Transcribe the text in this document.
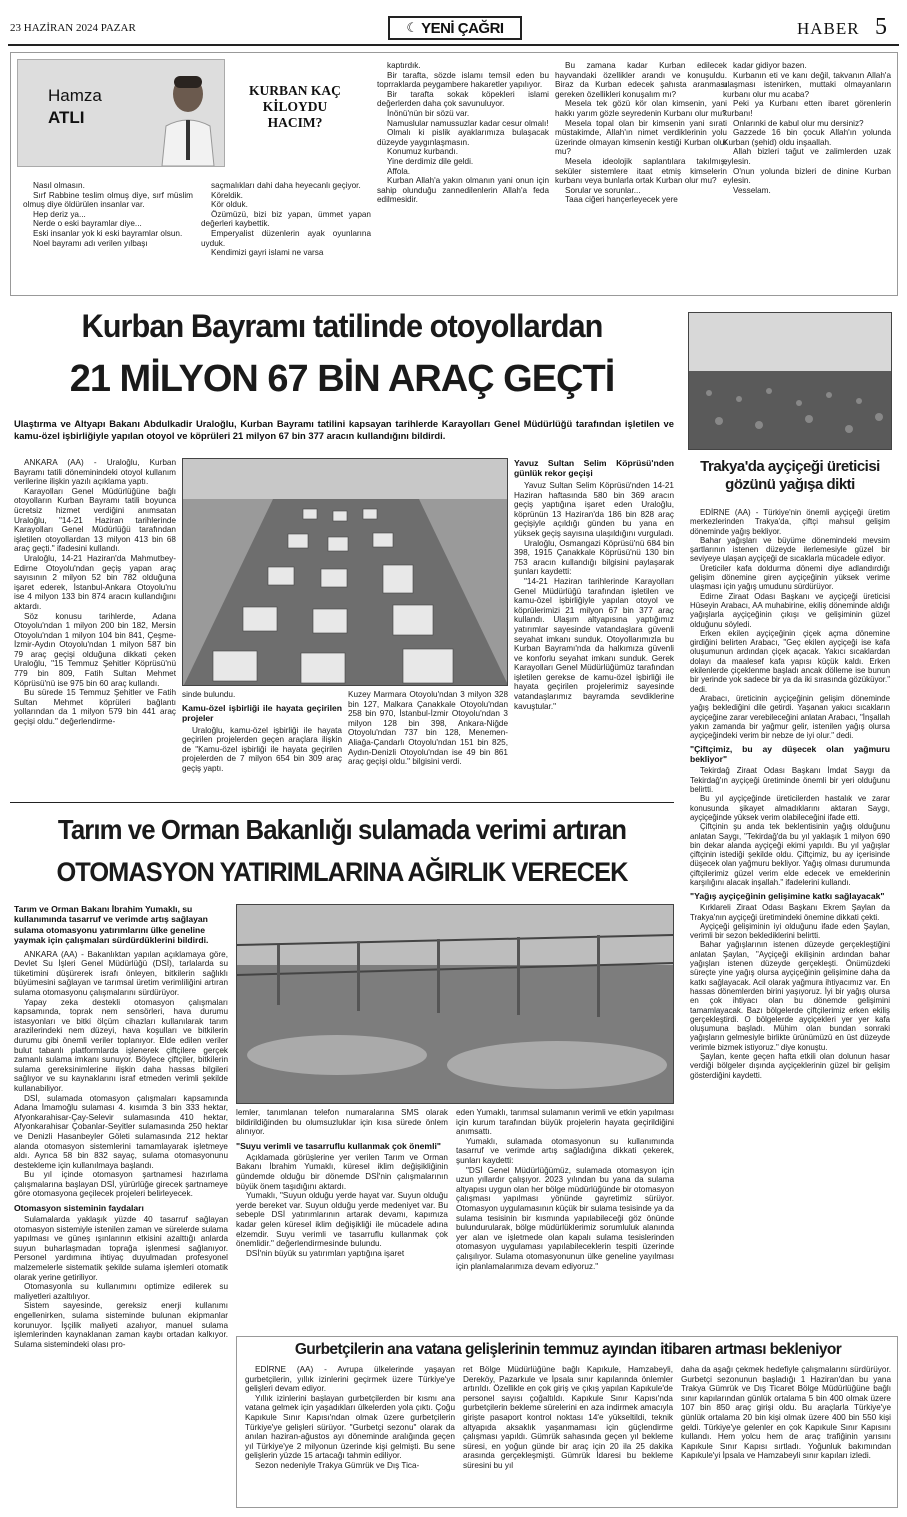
23 HAZİRAN 2024 PAZAR	☾ YENİ ÇAĞRI	HABER 5
Hamza
ATLI
KURBAN KAÇ KİLOYDU HACIM?

Nasıl olmasın.

Sırf Rabbine teslim olmuş diye, sırf müslim olmuş diye öldürülen insanlar var.

Hep deriz ya...

Nerde o eski bayramlar diye...

Eski insanlar yok ki eski bayramlar olsun.

Noel bayramı adı verilen yılbaşı

saçmalıkları dahi daha heyecanlı geçiyor.

Köreldik.

Kör olduk.

Özümüzü, bizi biz yapan, ümmet yapan değerleri kaybettik.

Emperyalist düzenlerin ayak oyunlarına uyduk.

Kendimizi gayri islami ne varsa

kaptırdık.

Bir tarafta, sözde islamı temsil eden bu toprraklarda peygambere hakaretler yapılıyor.

Bir tarafta sokak köpekleri islami değerlerden daha çok savunuluyor.

İnönü'nün bir sözü var.

Namuslular namussuzlar kadar cesur olmalı!

Olmalı ki pislik ayaklarımıza bulaşacak düzeyde yaygınlaşmasın.

Konumuz kurbandı.

Yine derdimiz dile geldi.

Affola.

Kurban Allah'a yakın olmanın yani onun için sahip olunduğu zannedilenlerin Allah'a feda edilmesidir.

Bu zamana kadar Kurban edilecek hayvandaki özellikler arandı ve konuşuldu. Biraz da Kurban edecek şahısta aranması gereken özellikleri konuşalım mı?

Mesela tek gözü kör olan kimsenin, yani hakkı yarım gözle seyredenin Kurbanı olur mu?

Mesela topal olan bir kimsenin yani sırati müstakimde, Allah'ın nimet verdiklerinin yolu üzerinde olmayan kimsenin kestiği Kurban olur mu?

Mesela ideolojik saplantılara takılmış, seküler sistemlere itaat etmiş kimselerin kurbanı veya bunlarla ortak Kurban olur mu?

Sorular ve sorunlar...

Taaa ciğeri hançerleyecek yere

kadar gidiyor bazen.

Kurbanın eti ve kanı değil, takvanın Allah'a ulaşması istenirken, muttaki olmayanların kurbanı olur mu acaba?

Peki ya Kurbanı etten ibaret görenlerin kurbanı!

Onlarınki de kabul olur mu dersiniz?

Gazzede 16 bin çocuk Allah'ın yolunda Kurban (şehid) oldu inşaallah.

Allah bizleri tağut ve zalimlerden uzak eylesin.

O'nun yolunda bizleri de dinine Kurban eylesin.

Vesselam.

Kurban Bayramı tatilinde otoyollardan
21 MİLYON 67 BİN ARAÇ GEÇTİ
Ulaştırma ve Altyapı Bakanı Abdulkadir Uraloğlu, Kurban Bayramı tatilini kapsayan tarihlerde Karayolları Genel Müdürlüğü tarafından işletilen ve kamu-özel işbirliğiyle yapılan otoyol ve köprüleri 21 milyon 67 bin 377 aracın kullandığını bildirdi.

ANKARA (AA) - Uraloğlu, Kurban Bayramı tatili döneminindeki otoyol kullanım verilerine ilişkin yazılı açıklama yaptı.

Karayolları Genel Müdürlüğüne bağlı otoyolların Kurban Bayramı tatili boyunca ücretsiz hizmet verdiğini anımsatan Uraloğlu, "14-21 Haziran tarihlerinde Karayolları Genel Müdürlüğü tarafından işletilen otoyollardan 13 milyon 413 bin 68 araç geçti." ifadesini kullandı.

Uraloğlu, 14-21 Haziran'da Mahmutbey-Edirne Otoyolu'ndan geçiş yapan araç sayısının 2 milyon 52 bin 782 olduğuna işaret ederek, İstanbul-Ankara Otoyolu'nu ise 4 milyon 133 bin 874 aracın kullandığını aktardı.

Söz konusu tarihlerde, Adana Otoyolu'ndan 1 milyon 200 bin 182, Mersin Otoyolu'ndan 1 milyon 104 bin 841, Çeşme-İzmir-Aydın Otoyolu'ndan 1 milyon 587 bin 79 araç geçişi olduğuna dikkati çeken Uraloğlu, "15 Temmuz Şehitler Köprüsü'nü 779 bin 809, Fatih Sultan Mehmet Köprüsü'nü ise 975 bin 60 araç kullandı.

Bu sürede 15 Temmuz Şehitler ve Fatih Sultan Mehmet köprüleri bağlantı yollarından da 1 milyon 579 bin 441 araç geçişi oldu." değerlendirme-

sinde bulundu.

Kamu-özel işbirliği ile hayata geçirilen projeler

Uraloğlu, kamu-özel işbirliği ile hayata geçirilen projelerden geçen araçlara ilişkin de "Kamu-özel işbirliği ile hayata geçirilen projelerden de 7 milyon 654 bin 309 araç geçiş yaptı.

Kuzey Marmara Otoyolu'ndan 3 milyon 328 bin 127, Malkara Çanakkale Otoyolu'ndan 258 bin 970, İstanbul-İzmir Otoyolu'ndan 3 milyon 128 bin 398, Ankara-Niğde Otoyolu'ndan 737 bin 128, Menemen-Aliağa-Çandarlı Otoyolu'ndan 151 bin 825, Aydın-Denizli Otoyolu'ndan ise 49 bin 861 araç geçişi oldu." bilgisini verdi.

Yavuz Sultan Selim Köprüsü'nden günlük rekor geçişi

Yavuz Sultan Selim Köprüsü'nden 14-21 Haziran haftasında 580 bin 369 aracın geçiş yaptığına işaret eden Uraloğlu, köprünün 13 Haziran'da 186 bin 828 araç geçişiyle açıldığı günden bu yana en yüksek geçiş sayısına ulaşıldığını vurguladı.

Uraloğlu, Osmangazi Köprüsü'nü 684 bin 398, 1915 Çanakkale Köprüsü'nü 130 bin 753 aracın kullandığı bilgisini paylaşarak şunları kaydetti:

"14-21 Haziran tarihlerinde Karayolları Genel Müdürlüğü tarafından işletilen ve kamu-özel işbirliğiyle yapılan otoyol ve köprülerimizi 21 milyon 67 bin 377 araç kullandı. Ulaşım altyapısına yaptığımız yatırımlar sayesinde vatandaşlara güvenli seyahat imkanı sunduk. Otoyollarımızla bu Kurban Bayramı'nda da halkımıza güvenli ve konforlu seyahat imkanı sunduk. Gerek Karayolları Genel Müdürlüğümüz tarafından işletilen gerekse de kamu-özel işbirliği ile hayata geçirilen projelerimiz sayesinde vatandaşlarımız bayramda sevdiklerine kavuştular."

Trakya'da ayçiçeği üreticisi gözünü yağışa dikti

EDİRNE (AA) - Türkiye'nin önemli ayçiçeği üretim merkezlerinden Trakya'da, çiftçi mahsul gelişim döneminde yağış bekliyor.

Bahar yağışları ve büyüme dönemindeki mevsim şartlarının istenen düzeyde ilerlemesiyle güzel bir seviyeye ulaşan ayçiçeği de sıcaklarla mücadele ediyor.

Üreticiler kafa doldurma dönemi diye adlandırdığı gelişim dönemine giren ayçiçeğinin yüksek verime ulaşması için yağış umudunu sürdürüyor.

Edirne Ziraat Odası Başkanı ve ayçiçeği üreticisi Hüseyin Arabacı, AA muhabirine, ekiliş döneminde aldığı yağışlarla ayçiçeğinin çıkışı ve gelişiminin güzel olduğunu söyledi.

Erken ekilen ayçiçeğinin çiçek açma dönemine girdiğini belirten Arabacı, "Geç ekilen ayçiçeği ise kafa oluşumunun ardından çiçek açacak. Yakıcı sıcaklardan dolayı da maalesef kafa yapısı küçük kaldı. Erken ekilenlerde çiçeklenme başladı ancak dölleme ise bunun bir yerinde yok sadece bir ya da iki sırasında gözüküyor." dedi.

Arabacı, üreticinin ayçiçeğinin gelişim döneminde yağış beklediğini dile getirdi. Yaşanan yakıcı sıcakların ayçiçeğine zarar verebileceğini anlatan Arabacı, "İnşallah yakın zamanda bir yağmur gelir, istenilen yağış olursa ayçiçeğindeki verim bir nebze de iyi olur." dedi.

"Çiftçimiz, bu ay düşecek olan yağmuru bekliyor"

Tekirdağ Ziraat Odası Başkanı İmdat Saygı da Tekirdağ'ın ayçiçeği üretiminde önemli bir yeri olduğunu belirtti.

Bu yıl ayçiçeğinde üreticilerden hastalık ve zarar konusunda şikayet almadıklarını aktaran Saygı, ayçiçeğinde yüksek verim olabileceğini ifade etti.

Çiftçinin şu anda tek beklentisinin yağış olduğunu anlatan Saygı, "Tekirdağ'da bu yıl yaklaşık 1 milyon 690 bin dekar alanda ayçiçeği ekimi yapıldı. Bu yıl yağışlar çiftçinin istediği şekilde oldu. Çiftçimiz, bu ay içerisinde düşecek olan yağmuru bekliyor. Yağış olması durumunda çiftçilerimiz güzel verim elde edecek ve emeklerinin karşılığını alacak inşallah." ifadelerini kullandı.

"Yağış ayçiçeğinin gelişimine katkı sağlayacak"

Kırklareli Ziraat Odası Başkanı Ekrem Şaylan da Trakya'nın ayçiçeği üretimindeki önemine dikkati çekti.

Ayçiçeği gelişiminin iyi olduğunu ifade eden Şaylan, verimli bir sezon beklediklerini belirtti.

Bahar yağışlarının istenen düzeyde gerçekleştiğini anlatan Şaylan, "Ayçiçeği ekilişinin ardından bahar yağışları istenen düzeyde gerçekleşti. Önümüzdeki süreçte yine yağış olursa ayçiçeğinin gelişimine daha da katkı sağlayacak. Acil olarak yağmura ihtiyacımız var. En hassas dönemlerden birini yaşıyoruz. İyi bir yağış olursa en çok ihtiyacı olan bu dönemde gelişimini tamamlayacak. Bazı bölgelerde çiftçilerimiz erken ekiliş gerçekleştirdi. O bölgelerde ayçiçekleri yer yer kafa oluşumuna başladı. Mühim olan bundan sonraki yağışların gelmesiyle birlikte ürünümüzü en üst düzeyde verimle bizmek istiyoruz." diye konuştu.

Şaylan, kente geçen hafta etkili olan dolunun hasar verdiği bölgeler dışında ayçiçeklerinin güzel bir gelişim gösterdiğini kaydetti.

Tarım ve Orman Bakanlığı sulamada verimi artıran
OTOMASYON YATIRIMLARINA AĞIRLIK VERECEK
Tarım ve Orman Bakanı İbrahim Yumaklı, su kullanımında tasarruf ve verimde artış sağlayan sulama otomasyonu yatırımlarını ülke geneline yaymak için çalışmaları sürdürdüklerini bildirdi.

ANKARA (AA) - Bakanlıktan yapılan açıklamaya göre, Devlet Su İşleri Genel Müdürlüğü (DSİ), tarlalarda su tüketimini düşürerek israfı önleyen, bitkilerin sağlıklı büyümesini sağlayan ve tarımsal üretim verimliliğini artıran sulama otomasyonu çalışmalarını sürdürüyor.

Yapay zeka destekli otomasyon çalışmaları kapsamında, toprak nem sensörleri, hava durumu istasyonları ve bitki ölçüm cihazları kullanılarak tarım arazilerindeki nem düzeyi, hava koşulları ve bitkilerin durumu gibi önemli veriler toplanıyor. Elde edilen veriler bulut tabanlı platformlarda işlenerek çiftçilere gerçek zamanlı sulama imkanı sunuyor. Böylece çiftçiler, bitkilerin sulama gereksinimlerine ilişkin daha hassas bilgileri sağlıyor ve su kaynaklarını israf etmeden verimli şekilde kullanabiliyor.

DSİ, sulamada otomasyon çalışmaları kapsamında Adana İmamoğlu sulaması 4. kısımda 3 bin 333 hektar, Afyonkarahisar-Çay-Selevir sulamasında 410 hektar, Afyonkarahisar Çobanlar-Seyitler sulamasında 250 hektar ve Denizli Hasanbeyler Göleti sulamasında 212 hektar alanda otomasyon sistemlerini tamamlayarak işletmeye aldı. Ayrıca 58 bin 832 sayaç, sulama otomasyonunu destekleme için kullanılmaya başlandı.

Bu yıl içinde otomasyon şartnamesi hazırlama çalışmalarına başlayan DSİ, yürürlüğe girecek şartnameye göre otomasyona geçilecek projeleri belirleyecek.

Otomasyon sisteminin faydaları

Sulamalarda yaklaşık yüzde 40 tasarruf sağlayan otomasyon sistemiyle istenilen zaman ve sürelerde sulama yapılması ve güneş ışınlarının etkisini azalttığı anlarda suyun buharlaşmadan toprağa işlenmesi sağlanıyor. Personel yardımına ihtiyaç duyulmadan profesyonel malzemelerle sistematik şekilde sulama işlemleri otomatik olarak yerine getiriliyor.

Otomasyonla su kullanımını optimize edilerek su maliyetleri azaltılıyor.

Sistem sayesinde, gereksiz enerji kullanımı engellenirken, sulama sisteminde bulunan ekipmanlar korunuyor. İşçilik maliyeti azalıyor, manuel sulama işlemlerinden kaynaklanan zaman kaybı ortadan kalkıyor. Sulama sistemindeki olası pro-

lemler, tanımlanan telefon numaralarına SMS olarak bildirildiğinden bu olumsuzluklar için kısa sürede önlem alınıyor.

"Suyu verimli ve tasarruflu kullanmak çok önemli"

Açıklamada görüşlerine yer verilen Tarım ve Orman Bakanı İbrahim Yumaklı, küresel iklim değişikliğinin gündemde olduğu bir dönemde DSİ'nin çalışmalarının büyük önem taşıdığını aktardı.

Yumaklı, "Suyun olduğu yerde hayat var. Suyun olduğu yerde bereket var. Suyun olduğu yerde medeniyet var. Bu sebeple DSİ yatırımlarının artarak devamı, kapımıza kadar gelen küresel iklim değişikliği ile mücadele adına elzemdir. Suyu verimli ve tasarruflu kullanmak çok önemlidir." değerlendirmesinde bulundu.

DSİ'nin büyük su yatırımları yaptığına işaret

eden Yumaklı, tarımsal sulamanın verimli ve etkin yapılması için kurum tarafından büyük projelerin hayata geçirildiğini anımsattı.

Yumaklı, sulamada otomasyonun su kullanımında tasarruf ve verimde artış sağladığına dikkati çekerek, şunları kaydetti:

"DSİ Genel Müdürlüğümüz, sulamada otomasyon için uzun yıllardır çalışıyor. 2023 yılından bu yana da sulama altyapısı uygun olan her bölge müdürlüğünde bir otomasyon çalışması yapılması yönünde gayretimiz sürüyor. Otomasyon uygulamasının küçük bir sulama tesisinde ya da sulama tesisinin bir kısmında yapılabileceği göz önünde bulundurularak, bölge müdürlüklerimiz sorumluluk alanında yer alan ve işletmede olan kapalı sulama tesislerinden otomasyon uygulaması yapılabileceklerin tespiti üzerinde çalışılıyor. Sulama otomasyonunun ülke geneline yayılması için planlamalarımıza devam ediyoruz."

Gurbetçilerin ana vatana gelişlerinin temmuz ayından itibaren artması bekleniyor

EDİRNE (AA) - Avrupa ülkelerinde yaşayan gurbetçilerin, yıllık izinlerini geçirmek üzere Türkiye'ye gelişleri devam ediyor.

Yıllık izinlerini başlayan gurbetçilerden bir kısmı ana vatana gelmek için yaşadıkları ülkelerden yola çıktı. Çoğu Kapıkule Sınır Kapısı'ndan olmak üzere gurbetçilerin Türkiye'ye gelişleri sürüyor. "Gurbetçi sezonu" olarak da anılan haziran-ağustos ayı döneminde aralığında geçen yıl Türkiye'ye 2 milyonun üzerinde kişi gelmişti. Bu sene gelişlerin yüzde 15 artacağı tahmin ediliyor.

Sezon nedeniyle Trakya Gümrük ve Dış Tica-

ret Bölge Müdürlüğüne bağlı Kapıkule, Hamzabeyli, Dereköy, Pazarkule ve İpsala sınır kapılarında önlemler artırıldı. Özellikle en çok giriş ve çıkış yapılan Kapıkule'de personel sayısı çoğaltıldı. Kapıkule Sınır Kapısı'nda gurbetçilerin bekleme sürelerini en aza indirmek amacıyla girişte pasaport kontrol noktası 14'e yükseltildi, teknik altyapıda aksaklık yaşanmaması için güçlendirme çalışması yapıldı. Gümrük sahasında geçen yıl bekleme süresi, en yoğun günde bir araç için 20 ila 25 dakika arasında gerçekleşmişti. Gümrük İdaresi bu bekleme süresini bu yıl

daha da aşağı çekmek hedefiyle çalışmalarını sürdürüyor. Gurbetçi sezonunun başladığı 1 Haziran'dan bu yana Trakya Gümrük ve Dış Ticaret Bölge Müdürlüğüne bağlı sınır kapılarından günlük ortalama 5 bin 400 olmak üzere 107 bin 850 araç girişi oldu. Bu araçlarla Türkiye'ye günlük ortalama 20 bin kişi olmak üzere 400 bin 550 kişi geldi. Türkiye'ye gelenler en çok Kapıkule Sınır Kapısını kullandı. Hem yolcu hem de araç trafiğinin yarısını Kapıkule Sınır Kapısı sırtladı. Yoğunluk bakımından Kapıkule'yi İpsala ve Hamzabeyli sınır kapıları izledi.
